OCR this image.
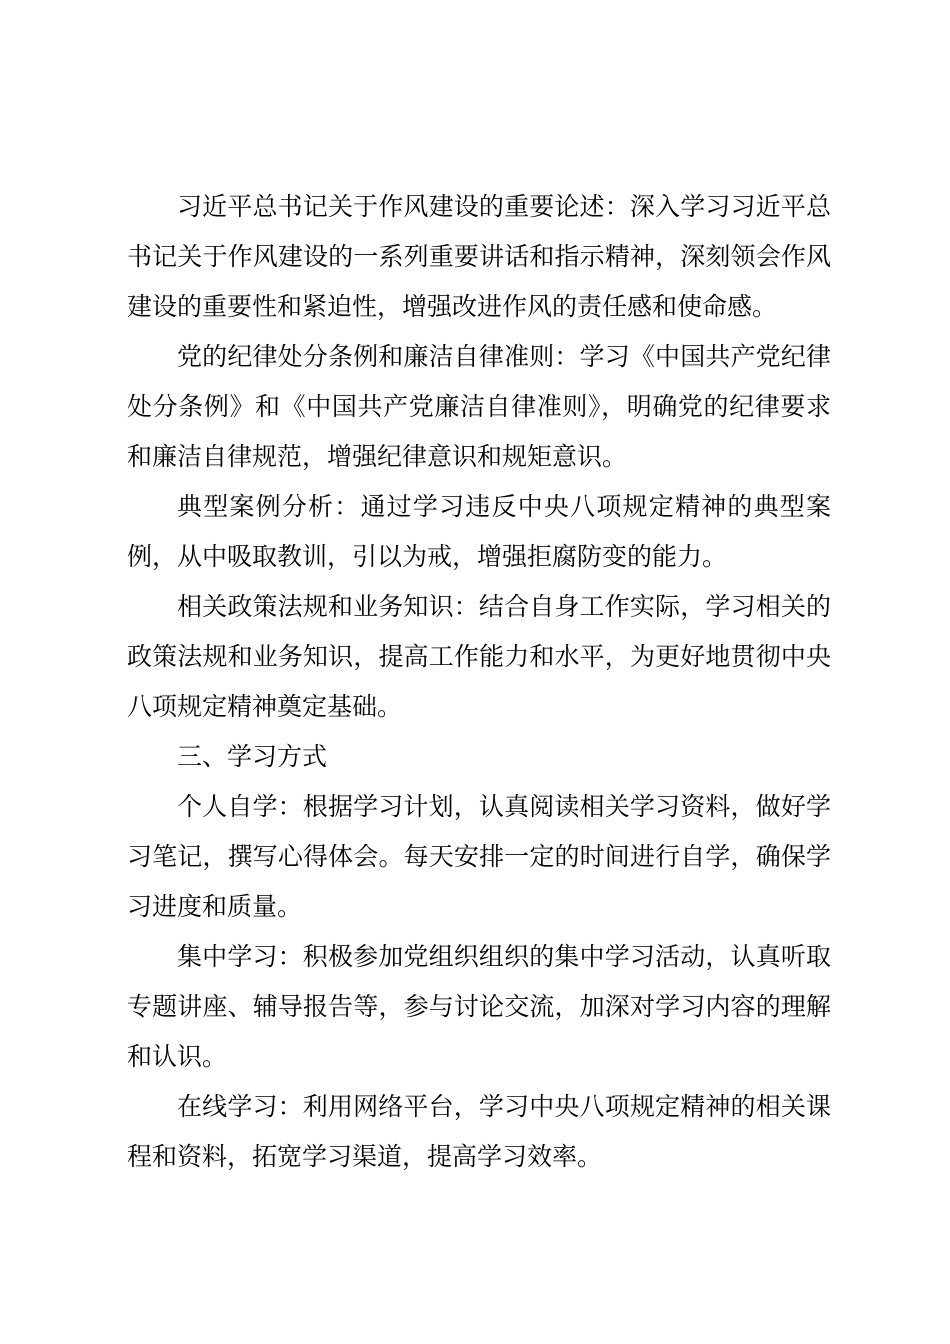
习近平总书记关于作风建设的重要论述：深入学习习近平总书记关于作风建设的一系列重要讲话和指示精神，深刻领会作风建设的重要性和紧迫性，增强改进作风的责任感和使命感。

党的纪律处分条例和廉洁自律准则：学习《中国共产党纪律处分条例》和《中国共产党廉洁自律准则》，明确党的纪律要求和廉洁自律规范，增强纪律意识和规矩意识。

典型案例分析：通过学习违反中央八项规定精神的典型案例，从中吸取教训，引以为戒，增强拒腐防变的能力。

相关政策法规和业务知识：结合自身工作实际，学习相关的政策法规和业务知识，提高工作能力和水平，为更好地贯彻中央八项规定精神奠定基础。

三、学习方式

个人自学：根据学习计划，认真阅读相关学习资料，做好学习笔记，撰写心得体会。每天安排一定的时间进行自学，确保学习进度和质量。

集中学习：积极参加党组织组织的集中学习活动，认真听取专题讲座、辅导报告等，参与讨论交流，加深对学习内容的理解和认识。

在线学习：利用网络平台，学习中央八项规定精神的相关课程和资料，拓宽学习渠道，提高学习效率。
